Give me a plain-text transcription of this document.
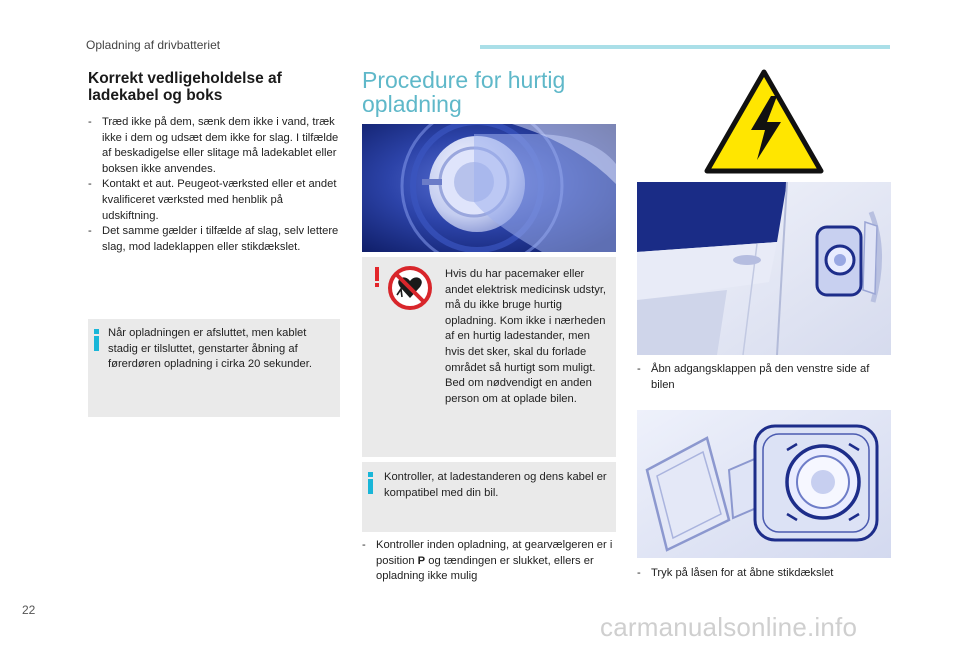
Opladning af drivbatteriet
Korrekt vedligeholdelse af ladekabel og boks
- Træd ikke på dem, sænk dem ikke i vand, træk ikke i dem og udsæt dem ikke for slag. I tilfælde af beskadigelse eller slitage må ladekablet eller boksen ikke anvendes.
- Kontakt et aut. Peugeot-værksted eller et andet kvalificeret værksted med henblik på udskiftning.
- Det samme gælder i tilfælde af slag, selv lettere slag, mod ladeklappen eller stikdækslet.
Når opladningen er afsluttet, men kablet stadig er tilsluttet, genstarter åbning af førerdøren opladning i cirka 20 sekunder.
Procedure for hurtig opladning
Hvis du har pacemaker eller andet elektrisk medicinsk udstyr, må du ikke bruge hurtig opladning. Kom ikke i nærheden af en hurtig ladestander, men hvis det sker, skal du forlade området så hurtigt som muligt. Bed om nødvendigt en anden person om at oplade bilen.
Kontroller, at ladestanderen og dens kabel er kompatibel med din bil.
- Kontroller inden opladning, at gearvælgeren er i position P og tændingen er slukket, ellers er opladning ikke mulig
- Åbn adgangsklappen på den venstre side af bilen
- Tryk på låsen for at åbne stikdækslet
22
carmanualsonline.info
